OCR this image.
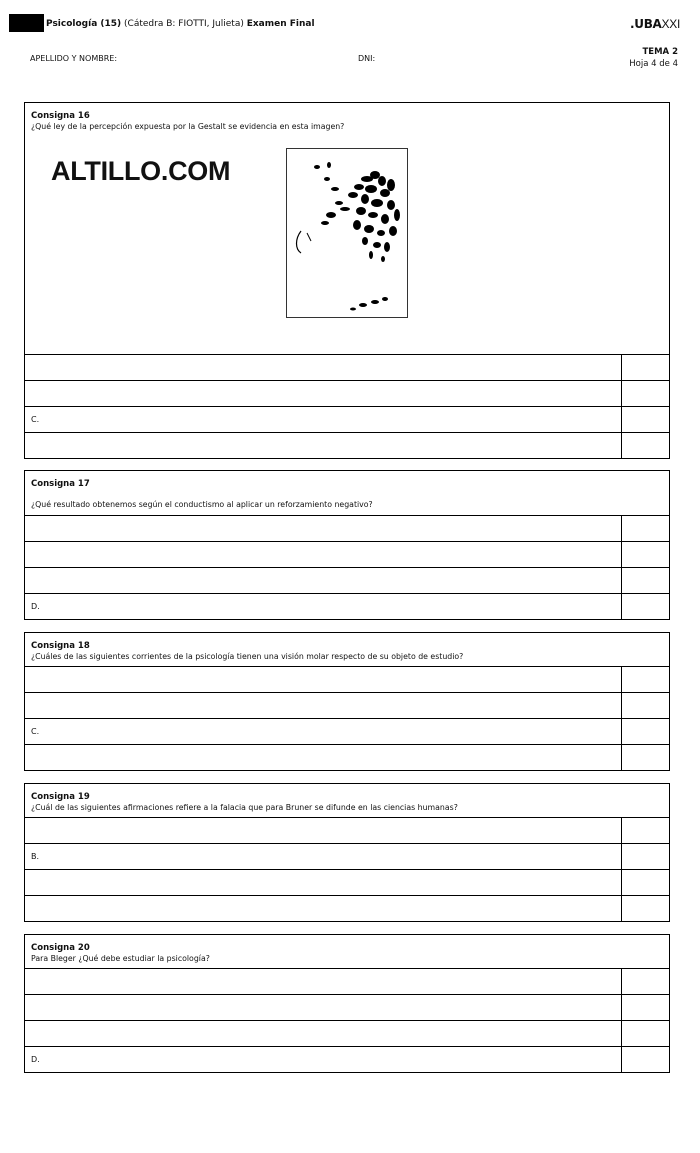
Psicología (15) (Cátedra B: FIOTTI, Julieta) Examen Final	.UBAXXI
APELLIDO Y NOMBRE:	DNI:
TEMA 2
Hoja 4 de 4
Consigna 16
¿Qué ley de la percepción expuesta por la Gestalt se evidencia en esta imagen?
ALTILLO.COM
C.
Consigna 17
¿Qué resultado obtenemos según el conductismo al aplicar un reforzamiento negativo?
D.
Consigna 18
¿Cuáles de las siguientes corrientes de la psicología tienen una visión molar respecto de su objeto de estudio?
C.
Consigna 19
¿Cuál de las siguientes afirmaciones refiere a la falacia que para Bruner se difunde en las ciencias humanas?
B.
Consigna 20
Para Bleger ¿Qué debe estudiar la psicología?
D.
